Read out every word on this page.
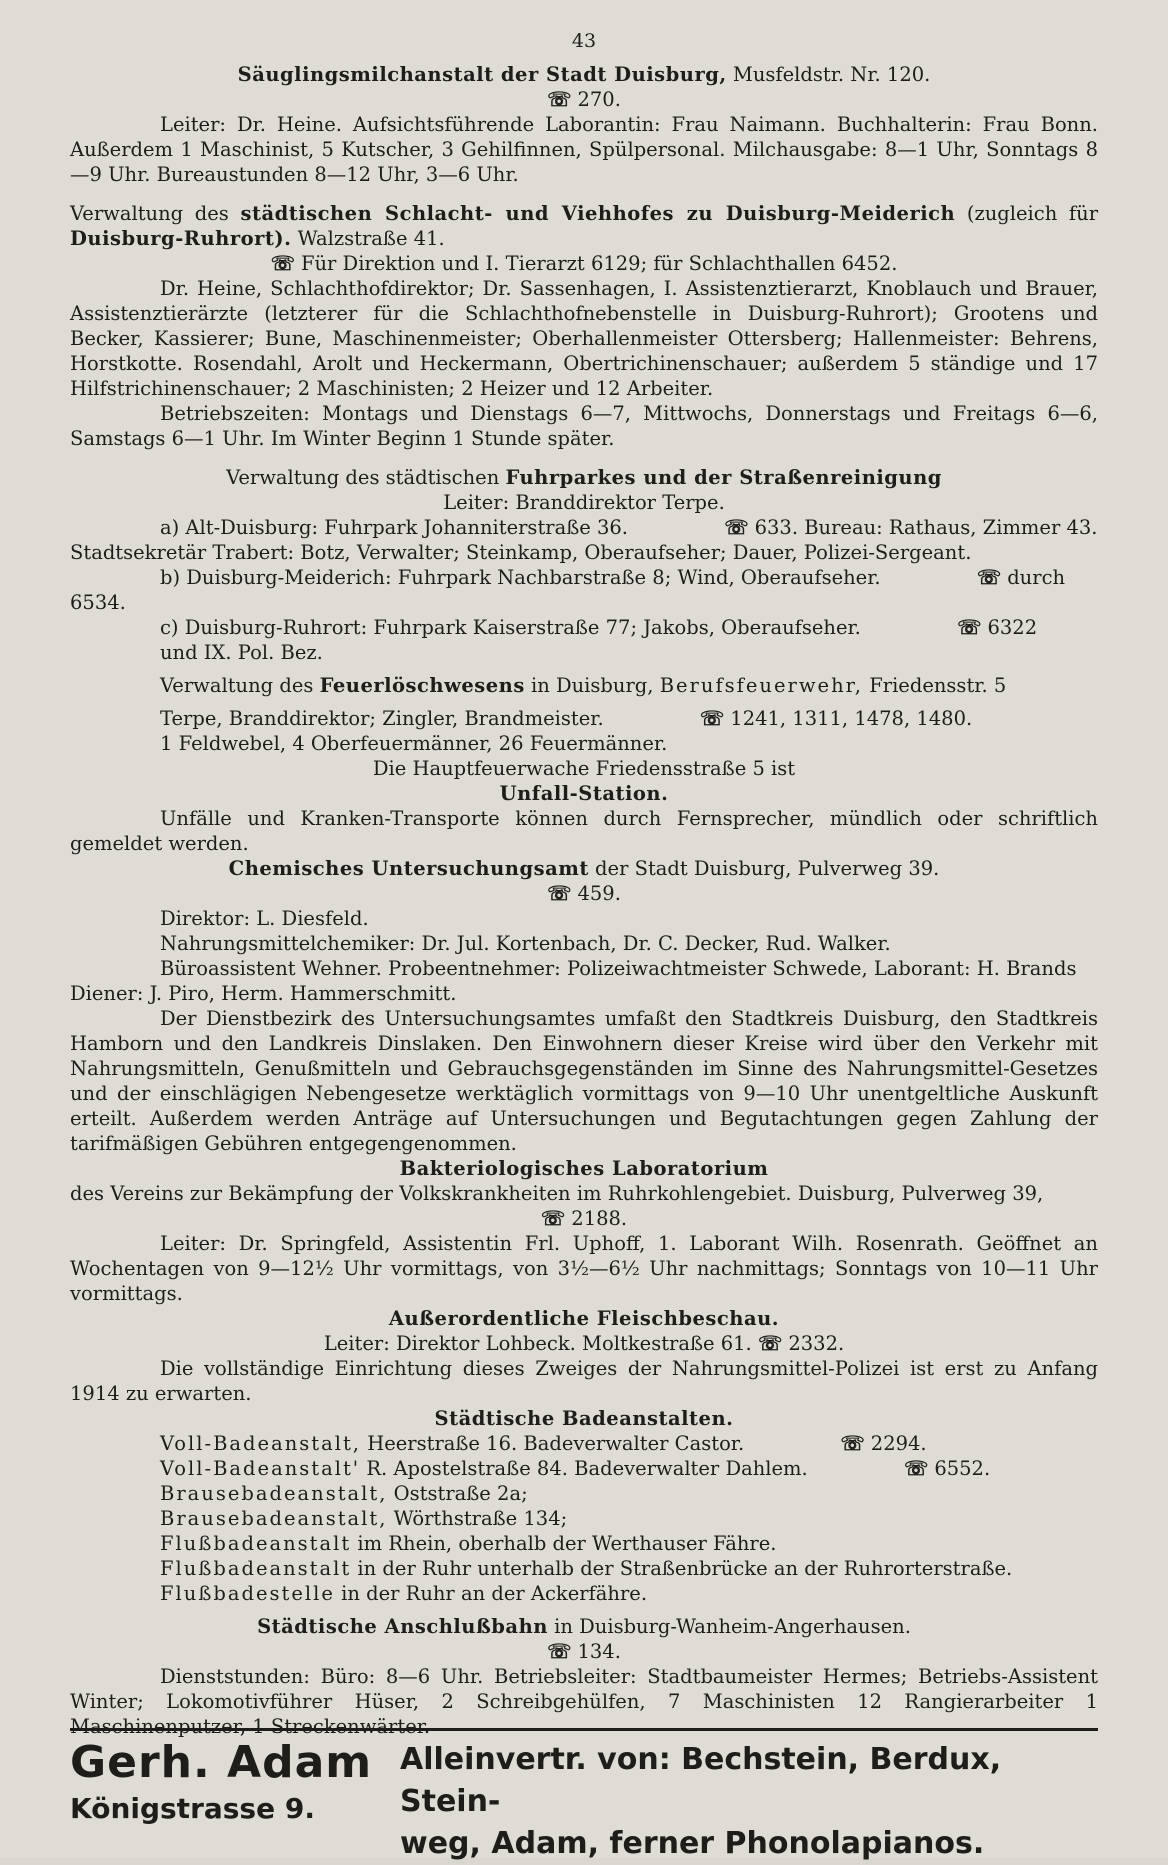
43

Säuglingsmilchanstalt der Stadt Duisburg, Musfeldstr. Nr. 120.

☏ 270.

Leiter: Dr. Heine. Aufsichtsführende Laborantin: Frau Naimann. Buchhalterin: Frau Bonn. Außerdem 1 Maschinist, 5 Kutscher, 3 Gehilfinnen, Spülpersonal. Milchausgabe: 8—1 Uhr, Sonntags 8—9 Uhr. Bureaustunden 8—12 Uhr, 3—6 Uhr.

Verwaltung des städtischen Schlacht- und Viehhofes zu Duisburg-Meiderich (zugleich für Duisburg-Ruhrort). Walzstraße 41.

☏ Für Direktion und I. Tierarzt 6129; für Schlachthallen 6452.

Dr. Heine, Schlachthofdirektor; Dr. Sassenhagen, I. Assistenztierarzt, Knoblauch und Brauer, Assistenztierärzte (letzterer für die Schlachthofnebenstelle in Duisburg-Ruhrort); Grootens und Becker, Kassierer; Bune, Maschinenmeister; Oberhallenmeister Ottersberg; Hallenmeister: Behrens, Horstkotte. Rosendahl, Arolt und Heckermann, Obertrichinenschauer; außerdem 5 ständige und 17 Hilfstrichinenschauer; 2 Maschinisten; 2 Heizer und 12 Arbeiter.

Betriebszeiten: Montags und Dienstags 6—7, Mittwochs, Donnerstags und Freitags 6—6, Samstags 6—1 Uhr. Im Winter Beginn 1 Stunde später.

Verwaltung des städtischen Fuhrparkes und der Straßenreinigung

Leiter: Branddirektor Terpe.

a) Alt-Duisburg: Fuhrpark Johanniterstraße 36.	☏ 633. Bureau: Rathaus, Zimmer 43.

Stadtsekretär Trabert: Botz, Verwalter; Steinkamp, Oberaufseher; Dauer, Polizei-Sergeant.

b) Duisburg-Meiderich: Fuhrpark Nachbarstraße 8; Wind, Oberaufseher.	☏ durch 6534.

c) Duisburg-Ruhrort: Fuhrpark Kaiserstraße 77; Jakobs, Oberaufseher.	☏ 6322

und IX. Pol. Bez.

Verwaltung des Feuerlöschwesens in Duisburg, Berufsfeuerwehr, Friedensstr. 5

Terpe, Branddirektor; Zingler, Brandmeister.	☏ 1241, 1311, 1478, 1480.

1 Feldwebel, 4 Oberfeuermänner, 26 Feuermänner.

Die Hauptfeuerwache Friedensstraße 5 ist

Unfall-Station.

Unfälle und Kranken-Transporte können durch Fernsprecher, mündlich oder schriftlich gemeldet werden.

Chemisches Untersuchungsamt der Stadt Duisburg, Pulverweg 39.

☏ 459.

Direktor: L. Diesfeld.

Nahrungsmittelchemiker: Dr. Jul. Kortenbach, Dr. C. Decker, Rud. Walker.

Büroassistent Wehner. Probeentnehmer: Polizeiwachtmeister Schwede, Laborant: H. Brands

Diener: J. Piro, Herm. Hammerschmitt.

Der Dienstbezirk des Untersuchungsamtes umfaßt den Stadtkreis Duisburg, den Stadtkreis Hamborn und den Landkreis Dinslaken. Den Einwohnern dieser Kreise wird über den Verkehr mit Nahrungsmitteln, Genußmitteln und Gebrauchsgegenständen im Sinne des Nahrungsmittel-Gesetzes und der einschlägigen Nebengesetze werktäglich vormittags von 9—10 Uhr unentgeltliche Auskunft erteilt. Außerdem werden Anträge auf Untersuchungen und Begutachtungen gegen Zahlung der tarifmäßigen Gebühren entgegengenommen.

Bakteriologisches Laboratorium

des Vereins zur Bekämpfung der Volkskrankheiten im Ruhrkohlengebiet. Duisburg, Pulverweg 39,

☏ 2188.

Leiter: Dr. Springfeld, Assistentin Frl. Uphoff, 1. Laborant Wilh. Rosenrath. Geöffnet an Wochentagen von 9—12½ Uhr vormittags, von 3½—6½ Uhr nachmittags; Sonntags von 10—11 Uhr vormittags.

Außerordentliche Fleischbeschau.

Leiter: Direktor Lohbeck. Moltkestraße 61. ☏ 2332.

Die vollständige Einrichtung dieses Zweiges der Nahrungsmittel-Polizei ist erst zu Anfang 1914 zu erwarten.

Städtische Badeanstalten.

Voll-Badeanstalt, Heerstraße 16. Badeverwalter Castor.	☏ 2294.

Voll-Badeanstalt' R. Apostelstraße 84. Badeverwalter Dahlem.	☏ 6552.

Brausebadeanstalt, Oststraße 2a;

Brausebadeanstalt, Wörthstraße 134;

Flußbadeanstalt im Rhein, oberhalb der Werthauser Fähre.

Flußbadeanstalt in der Ruhr unterhalb der Straßenbrücke an der Ruhrorterstraße.

Flußbadestelle in der Ruhr an der Ackerfähre.

Städtische Anschlußbahn in Duisburg-Wanheim-Angerhausen.

☏ 134.

Dienststunden: Büro: 8—6 Uhr. Betriebsleiter: Stadtbaumeister Hermes; Betriebs-Assistent Winter; Lokomotivführer Hüser, 2 Schreibgehülfen, 7 Maschinisten 12 Rangierarbeiter 1 Maschinenputzer, 1 Streckenwärter.

Gerh. Adam
Königstrasse 9.
Alleinvertr. von: Bechstein, Berdux, Stein-
weg, Adam, ferner Phonolapianos.
